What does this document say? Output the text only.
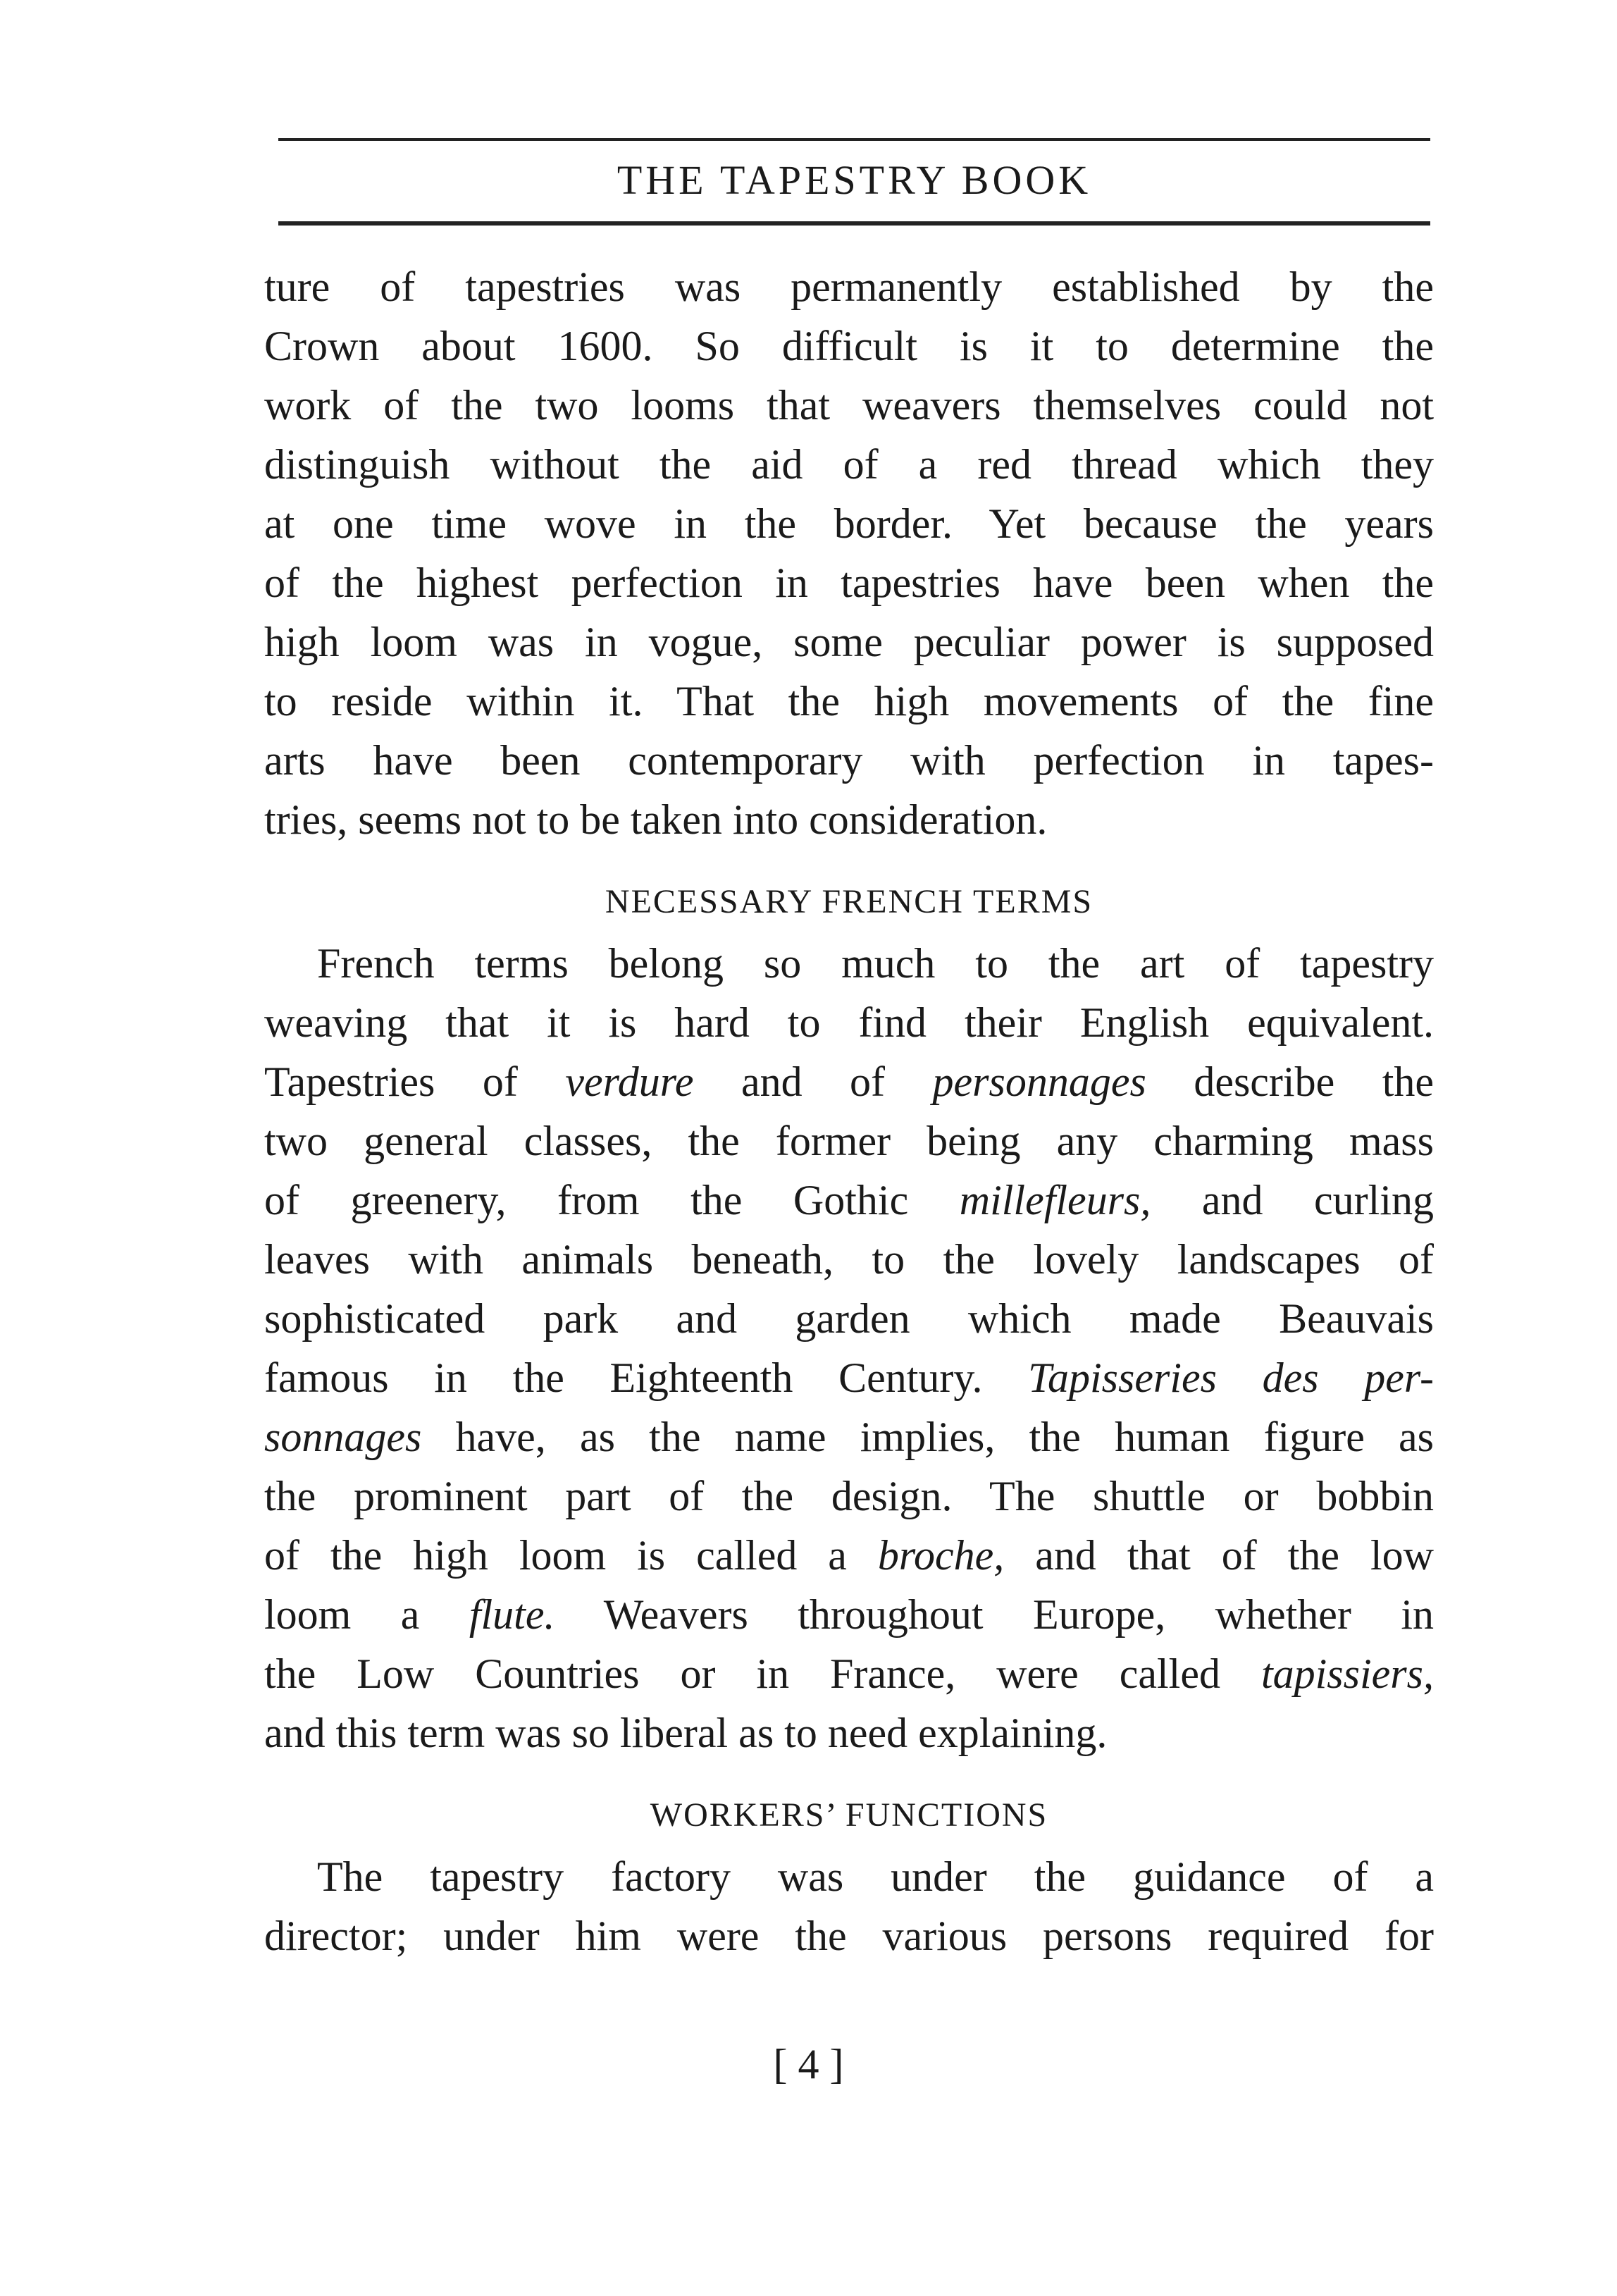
THE TAPESTRY BOOK
ture of tapestries was permanently established by the
Crown about 1600. So difficult is it to determine the
work of the two looms that weavers themselves could not
distinguish without the aid of a red thread which they
at one time wove in the border. Yet because the years
of the highest perfection in tapestries have been when the
high loom was in vogue, some peculiar power is supposed
to reside within it. That the high movements of the fine
arts have been contemporary with perfection in tapes-
tries, seems not to be taken into consideration.
NECESSARY FRENCH TERMS
French terms belong so much to the art of tapestry
weaving that it is hard to find their English equivalent.
Tapestries of verdure and of personnages describe the
two general classes, the former being any charming mass
of greenery, from the Gothic millefleurs, and curling
leaves with animals beneath, to the lovely landscapes of
sophisticated park and garden which made Beauvais
famous in the Eighteenth Century. Tapisseries des per-
sonnages have, as the name implies, the human figure as
the prominent part of the design. The shuttle or bobbin
of the high loom is called a broche, and that of the low
loom a flute. Weavers throughout Europe, whether in
the Low Countries or in France, were called tapissiers,
and this term was so liberal as to need explaining.
WORKERS’ FUNCTIONS
The tapestry factory was under the guidance of a
director; under him were the various persons required for
[ 4 ]
